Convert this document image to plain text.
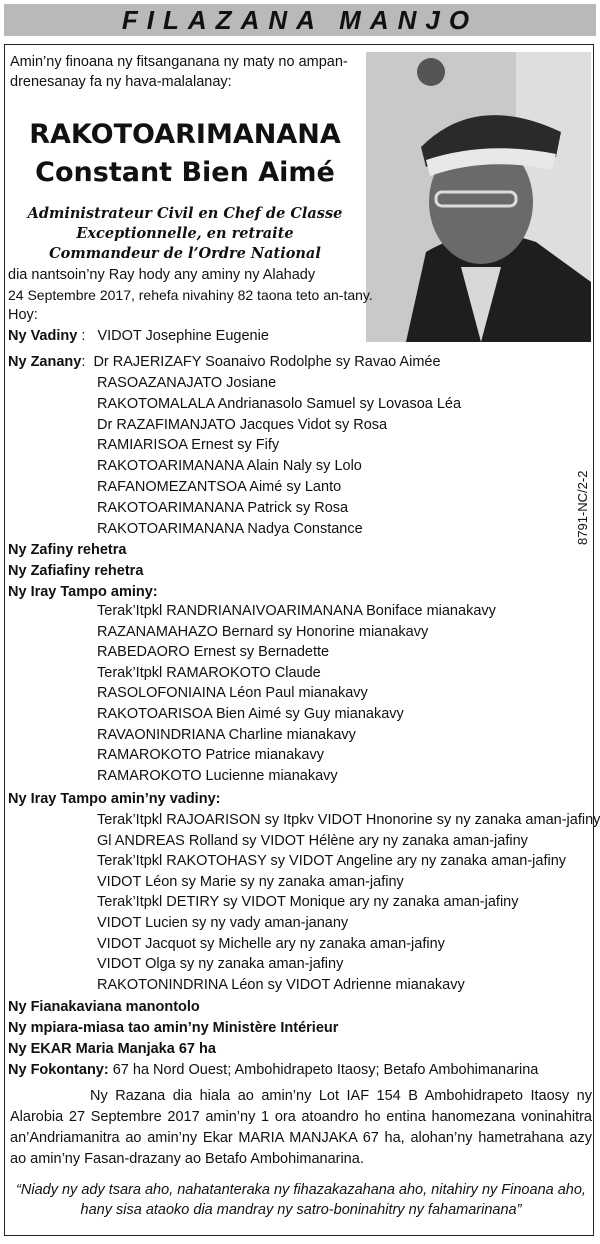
FILAZANA MANJO
Amin’ny finoana ny fitsanganana ny maty no ampan-drenesanay fa ny hava-malalanay:
RAKOTOARIMANANA
Constant Bien Aimé
Administrateur Civil en Chef de Classe
Exceptionnelle, en retraite
Commandeur de l’Ordre National
dia nantsoin’ny Ray hody any aminy ny Alahady
24 Septembre 2017, rehefa nivahiny 82 taona teto an-tany.
Hoy:
Ny Vadiny :   VIDOT Josephine Eugenie
Ny Zanany:  Dr RAJERIZAFY Soanaivo Rodolphe sy Ravao Aimée
RASOAZANAJATO Josiane
RAKOTOMALALA Andrianasolo Samuel sy Lovasoa Léa
Dr RAZAFIMANJATO Jacques Vidot sy Rosa
RAMIARISOA Ernest sy Fify
RAKOTOARIMANANA Alain Naly sy Lolo
RAFANOMEZANTSOA Aimé sy Lanto
RAKOTOARIMANANA Patrick sy Rosa
RAKOTOARIMANANA Nadya Constance
Ny Zafiny rehetra
Ny Zafiafiny rehetra
Ny Iray Tampo aminy:
Terak’Itpkl RANDRIANAIVOARIMANANA Boniface mianakavy
RAZANAMAHAZO Bernard sy Honorine mianakavy
RABEDAORO Ernest sy Bernadette
Terak’Itpkl RAMAROKOTO Claude
RASOLOFONIAINA Léon Paul mianakavy
RAKOTOARISOA Bien Aimé sy Guy mianakavy
RAVAONINDRIANA Charline mianakavy
RAMAROKOTO Patrice mianakavy
RAMAROKOTO Lucienne mianakavy
Ny Iray Tampo amin’ny vadiny:
Terak’Itpkl RAJOARISON sy Itpkv VIDOT Hnonorine sy ny zanaka aman-jafiny
Gl ANDREAS Rolland sy VIDOT Hélène ary ny zanaka aman-jafiny
Terak’Itpkl RAKOTOHASY sy VIDOT Angeline ary ny zanaka aman-jafiny
VIDOT Léon sy Marie sy ny zanaka aman-jafiny
Terak’Itpkl DETIRY sy VIDOT Monique ary ny zanaka aman-jafiny
VIDOT Lucien sy ny vady aman-janany
VIDOT Jacquot sy Michelle ary ny zanaka aman-jafiny
VIDOT Olga sy ny zanaka aman-jafiny
RAKOTONINDRINA Léon sy VIDOT Adrienne mianakavy
Ny Fianakaviana manontolo
Ny mpiara-miasa tao amin’ny Ministère Intérieur
Ny EKAR Maria Manjaka 67 ha
Ny Fokontany: 67 ha Nord Ouest; Ambohidrapeto Itaosy; Betafo Ambohimanarina
Ny Razana dia hiala ao amin’ny Lot IAF 154 B Ambohidrapeto Itaosy ny Alarobia 27 Septembre 2017 amin’ny 1 ora atoandro ho entina hanomezana voninahitra an’Andriamanitra ao amin’ny Ekar MARIA MANJAKA 67 ha, alohan’ny hametrahana azy ao amin’ny Fasan-drazany ao Betafo Ambohimanarina.
“Niady ny ady tsara aho, nahatanteraka ny fihazakazahana aho, nitahiry ny Finoana aho, hany sisa ataoko dia mandray ny satro-boninahitry ny fahamarinana”
8791-NC/2-2
